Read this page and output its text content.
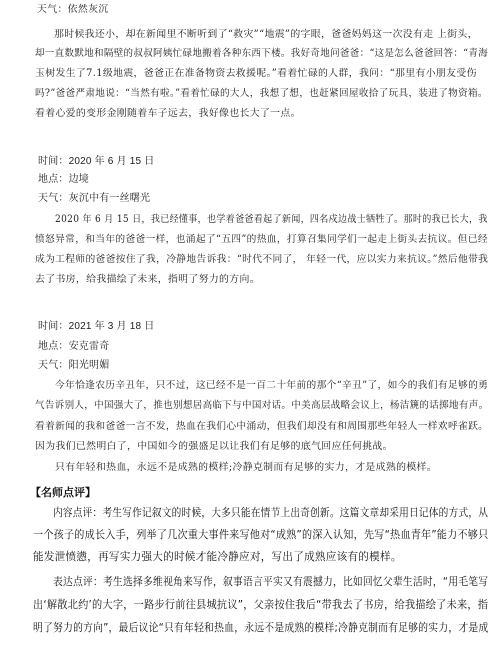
天气：依然灰沉
那时候我还小，却在新闻里不断听到了“救灾”“地震”的字眼，爸爸妈妈这一次没有走 上街头，
却一直数默地和隔壁的叔叔阿姨忙碌地搬着各种东西下楼。我好奇地问爸爸：“这是怎么爸爸回答：“青海
玉树发生了7.1级地震，爸爸正在准备物资去救援呢。”看着忙碌的人群，我问：“那里有小朋友受伤
吗?”爸爸严肃地说：“当然有啦。”看着忙碌的大人，我想了想，也赶紧回屋收拾了玩具，装进了物资箱。
看着心爱的变形金刚随着车子远去，我好像也长大了一点。
时间：2020 年 6 月 15 日
地点：边境
天气：灰沉中有一丝曙光
2020 年 6 月 15 日，我已经懂事，也学着爸爸看起了新闻，四名戍边战士牺牲了。那时的我已长大，我
愤怒异常，和当年的爸爸一样，也涌起了“五四”的热血，打算召集同学们一起走上街头去抗议。但已经
成为工程师的爸爸按住了我，冷静地告诉我：“时代不同了， 年轻一代，应以实力来抗议。”然后他带我
去了书房，给我描绘了未来，指明了努力的方向。
时间：2021 年 3 月 18 日
地点：安克雷奇
天气：阳光明媚
今年恰逢农历辛丑年，只不过，这已经不是一百二十年前的那个“辛丑”了，如今的我们有足够的勇
气告诉别人，中国强大了，推也别想居高临下与中国对话。中美高层战略会议上，杨洁篪的话掷地有声。
看着新闻的我和爸爸一言不发，热血在我们心中涌动，但我们却没有和周围那些年轻人一样欢呼雀跃。
因为我们已然明白了，中国如今的强盛足以让我们有足够的底气回应任何挑战。
只有年轻和热血，永远不是成熟的模样;冷静克制而有足够的实力，才是成熟的模样。
【名师点评】
内容点评：考生写作记叙文的时候，大多只能在情节上出奇创新。这篇文章却采用日记体的方式，从
一个孩子的成长入手，列举了几次重大事件来写他对“成熟”的深入认知，先写“热血青年”能力不够只
能发泄愤懑，再写实力强大的时候才能冷静应对，写出了成熟应该有的模样。
表达点评：考生选择多维视角来写作，叙事语言平实又有震撼力，比如回忆父辈生活时，“用毛笔写
出‘解散北约’的大字，一路步行前往县城抗议”，父亲按住我后“带我去了书房，给我描绘了未来，指
明了努力的方向”，最后议论“只有年轻和热血，永远不是成熟的模样;冷静克制而有足够的实力，才是成
